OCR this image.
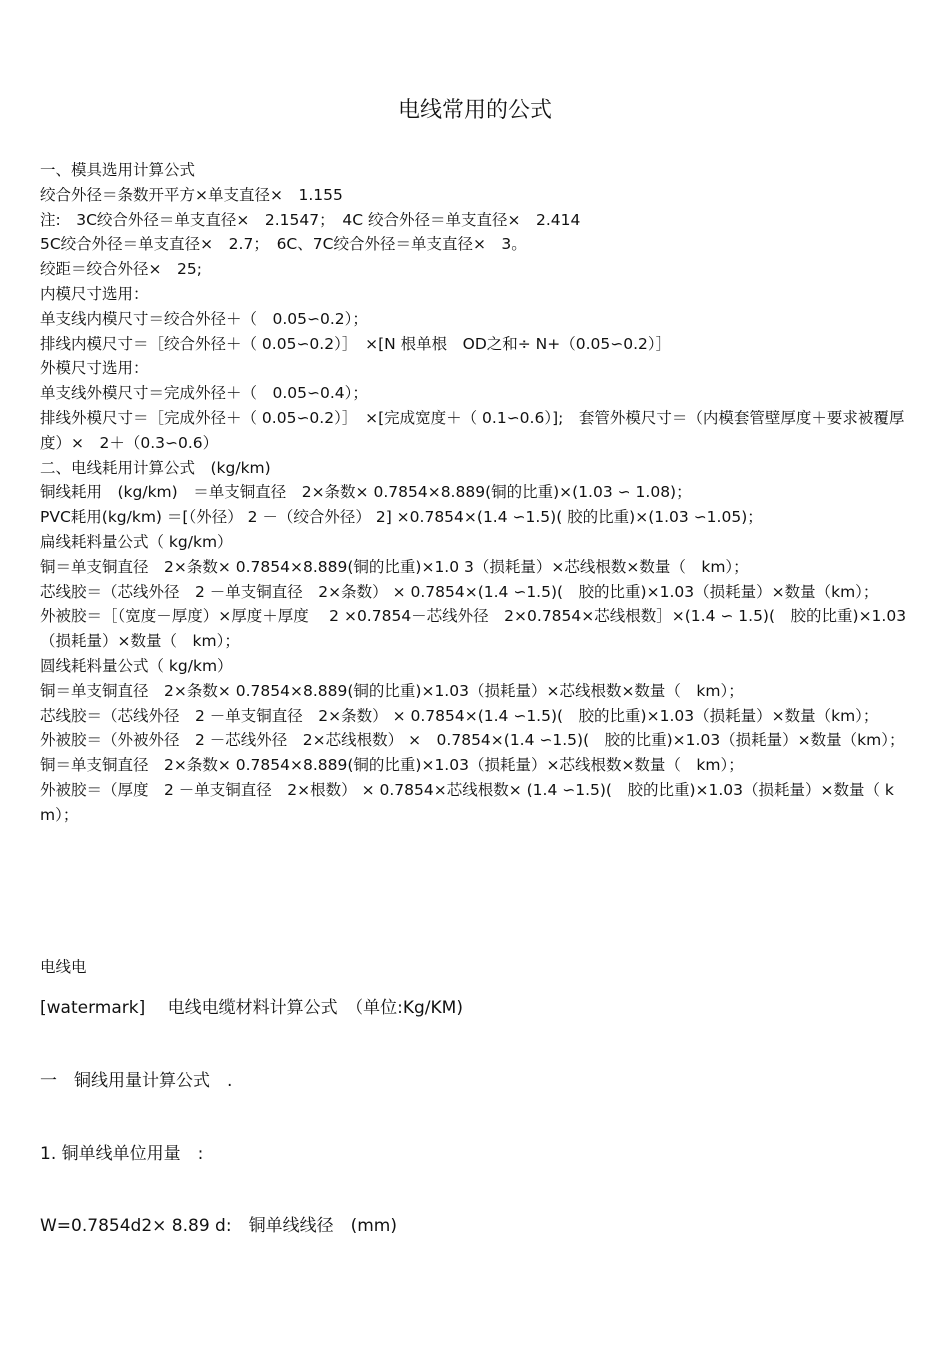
电线常用的公式

一、模具选用计算公式

绞合外径＝条数开平方×单支直径×　1.155

注:　3C绞合外径＝单支直径×　2.1547；　4C 绞合外径＝单支直径×　2.414

5C绞合外径＝单支直径×　2.7；　6C、7C绞合外径＝单支直径×　3。

绞距＝绞合外径×　25;

内模尺寸选用：

单支线内模尺寸＝绞合外径＋（　0.05∽0.2）；

排线内模尺寸＝［绞合外径＋（ 0.05∽0.2）］　×[N 根单根　OD之和÷ N+（0.05∽0.2）］

外模尺寸选用：

单支线外模尺寸＝完成外径＋（　0.05∽0.4）；

排线外模尺寸＝［完成外径＋（ 0.05∽0.2）］　×[完成宽度＋（ 0.1∽0.6）];　套管外模尺寸＝（内模套管壁厚度＋要求被覆厚度）×　2＋（0.3∽0.6）

二、电线耗用计算公式　(kg/km)

铜线耗用　(kg/km)　＝单支铜直径　2×条数× 0.7854×8.889(铜的比重)×(1.03 ∽ 1.08)；

PVC耗用(kg/km) ＝[（外径） 2 －（绞合外径） 2] ×0.7854×(1.4 ∽1.5)( 胶的比重)×(1.03 ∽1.05)；

扁线耗料量公式（ kg/km）

铜＝单支铜直径　2×条数× 0.7854×8.889(铜的比重)×1.0 3（损耗量）×芯线根数×数量（　km）；

芯线胶＝（芯线外径　2 －单支铜直径　2×条数） × 0.7854×(1.4 ∽1.5)(　胶的比重)×1.03（损耗量）×数量（km）；

外被胶＝［（宽度－厚度）×厚度＋厚度　 2 ×0.7854－芯线外径　2×0.7854×芯线根数］×(1.4 ∽ 1.5)(　胶的比重)×1.03（损耗量）×数量（　km）；

圆线耗料量公式（ kg/km）

铜＝单支铜直径　2×条数× 0.7854×8.889(铜的比重)×1.03（损耗量）×芯线根数×数量（　km）；

芯线胶＝（芯线外径　2 －单支铜直径　2×条数） × 0.7854×(1.4 ∽1.5)(　胶的比重)×1.03（损耗量）×数量（km）；

外被胶＝（外被外径　2 －芯线外径　2×芯线根数） ×　0.7854×(1.4 ∽1.5)(　胶的比重)×1.03（损耗量）×数量（km）；

铜＝单支铜直径　2×条数× 0.7854×8.889(铜的比重)×1.03（损耗量）×芯线根数×数量（　km）；

外被胶＝（厚度　2 －单支铜直径　2×根数） × 0.7854×芯线根数× (1.4 ∽1.5)(　胶的比重)×1.03（损耗量）×数量（ km）；

电线电
[watermark]　 电线电缆材料计算公式　（单位:Kg/KM)
一　铜线用量计算公式　.
1. 铜单线单位用量　:
W=0.7854d2× 8.89 d:　铜单线线径　(mm)
